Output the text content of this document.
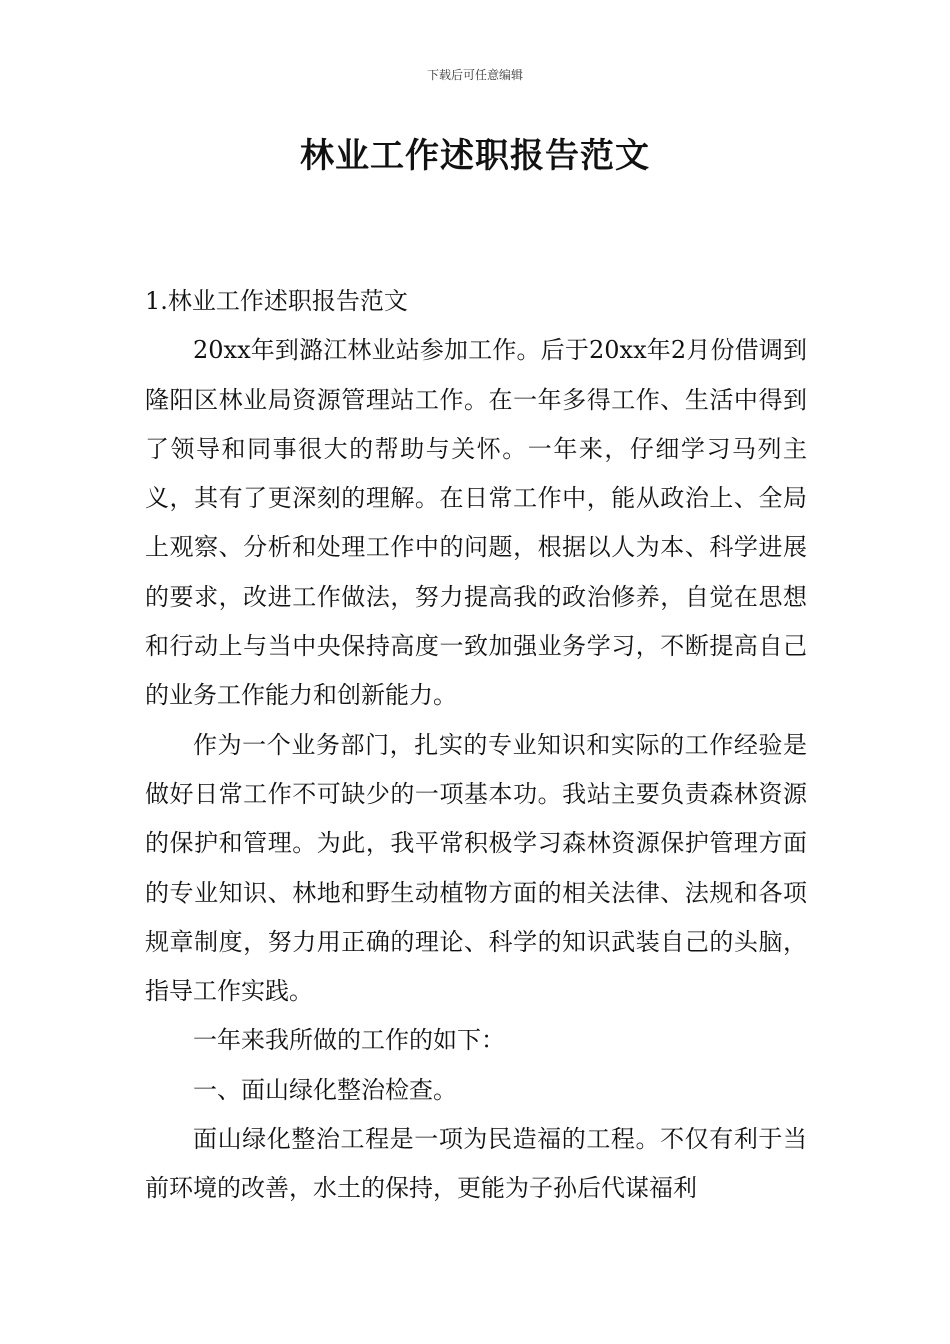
下载后可任意编辑
林业工作述职报告范文

1.林业工作述职报告范文

20xx年到潞江林业站参加工作。后于20xx年2月份借调到隆阳区林业局资源管理站工作。在一年多得工作、生活中得到了领导和同事很大的帮助与关怀。一年来，仔细学习马列主义，其有了更深刻的理解。在日常工作中，能从政治上、全局上观察、分析和处理工作中的问题，根据以人为本、科学进展的要求，改进工作做法，努力提高我的政治修养，自觉在思想和行动上与当中央保持高度一致加强业务学习，不断提高自己的业务工作能力和创新能力。

作为一个业务部门，扎实的专业知识和实际的工作经验是做好日常工作不可缺少的一项基本功。我站主要负责森林资源的保护和管理。为此，我平常积极学习森林资源保护管理方面的专业知识、林地和野生动植物方面的相关法律、法规和各项规章制度，努力用正确的理论、科学的知识武装自己的头脑，指导工作实践。

一年来我所做的工作的如下：

一、面山绿化整治检查。

面山绿化整治工程是一项为民造福的工程。不仅有利于当前环境的改善，水土的保持，更能为子孙后代谋福利
